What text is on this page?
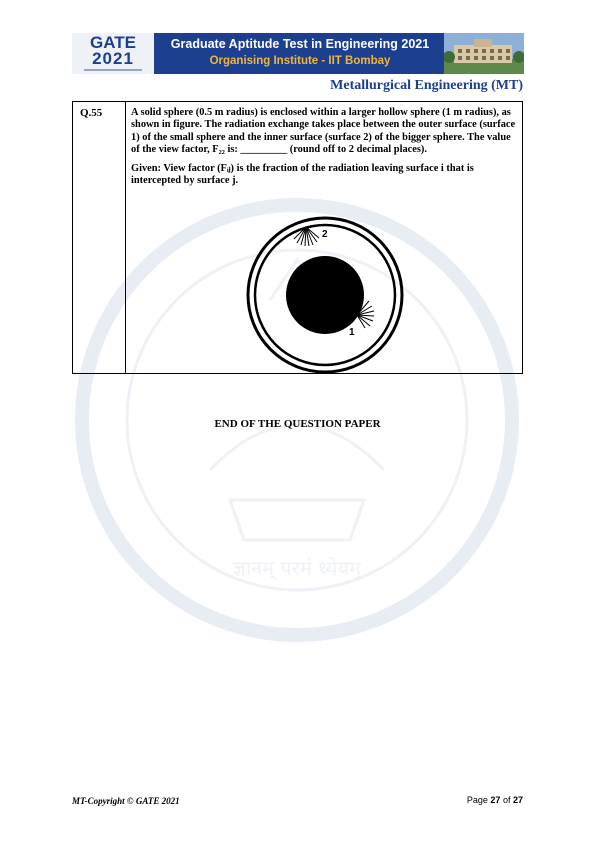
ज्ञानम् परमं ध्येयम्
GATE
2021
Graduate Aptitude Test in Engineering 2021
Organising Institute - IIT Bombay
Metallurgical Engineering (MT)
Q.55	A solid sphere (0.5 m radius) is enclosed within a larger hollow sphere (1 m radius), as shown in figure. The radiation exchange takes place between the outer surface (surface 1) of the small sphere and the inner surface (surface 2) of the bigger sphere. The value of the view factor, F₂₂ is: _________ (round off to 2 decimal places).

Given: View factor (Fᵢⱼ) is the fraction of the radiation leaving surface i that is intercepted by surface j.

2
1
END OF THE QUESTION PAPER
MT-Copyright © GATE 2021	Page 27 of 27
